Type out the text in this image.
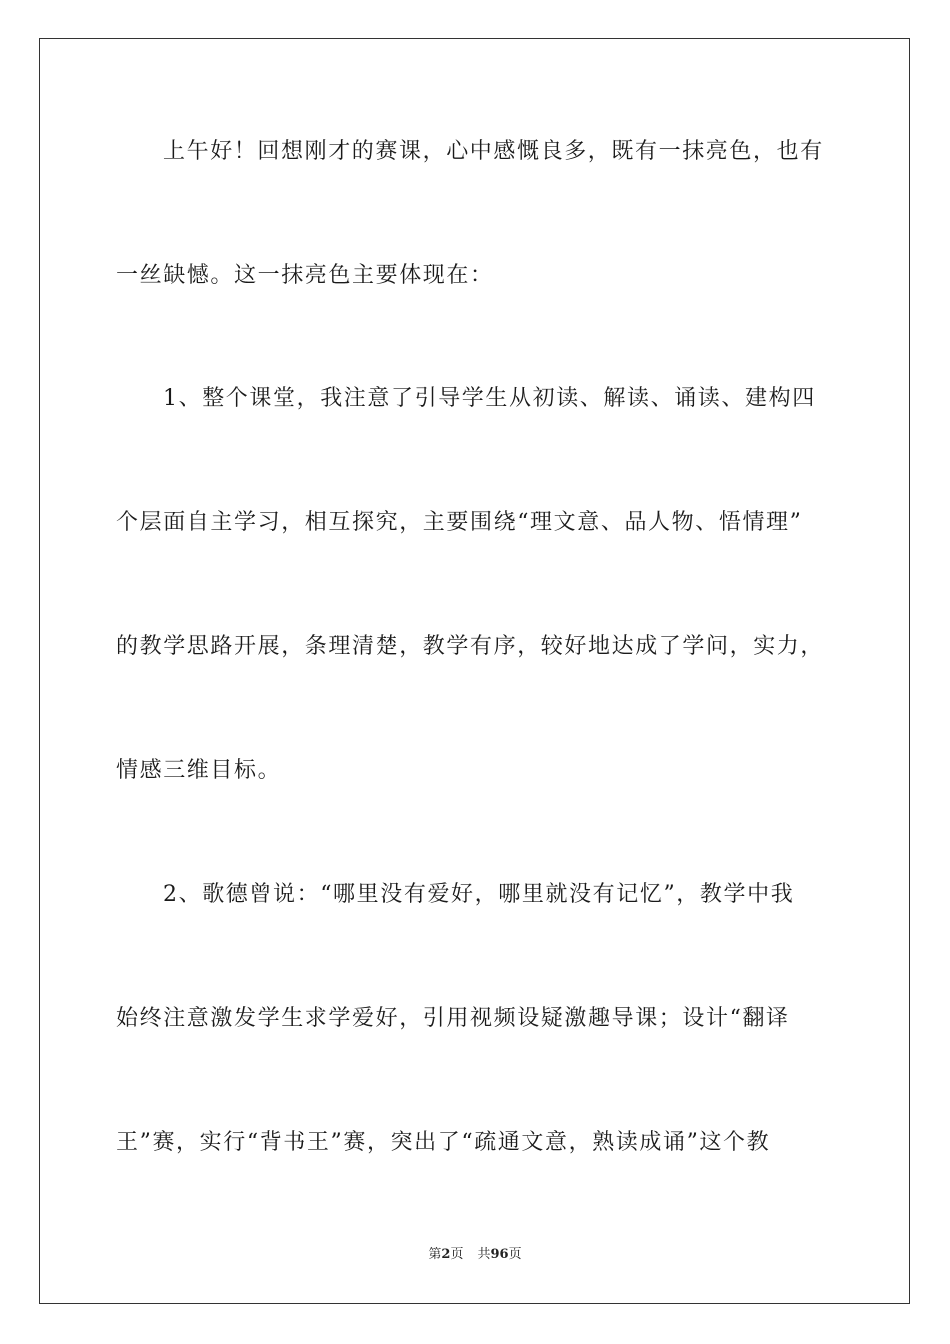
上午好！回想刚才的赛课，心中感慨良多，既有一抹亮色，也有
一丝缺憾。这一抹亮色主要体现在：
1、整个课堂，我注意了引导学生从初读、解读、诵读、建构四
个层面自主学习，相互探究，主要围绕“理文意、品人物、悟情理”
的教学思路开展，条理清楚，教学有序，较好地达成了学问，实力，
情感三维目标。
2、歌德曾说：“哪里没有爱好，哪里就没有记忆”，教学中我
始终注意激发学生求学爱好，引用视频设疑激趣导课；设计“翻译
王”赛，实行“背书王”赛，突出了“疏通文意，熟读成诵”这个教
第2页 共96页
